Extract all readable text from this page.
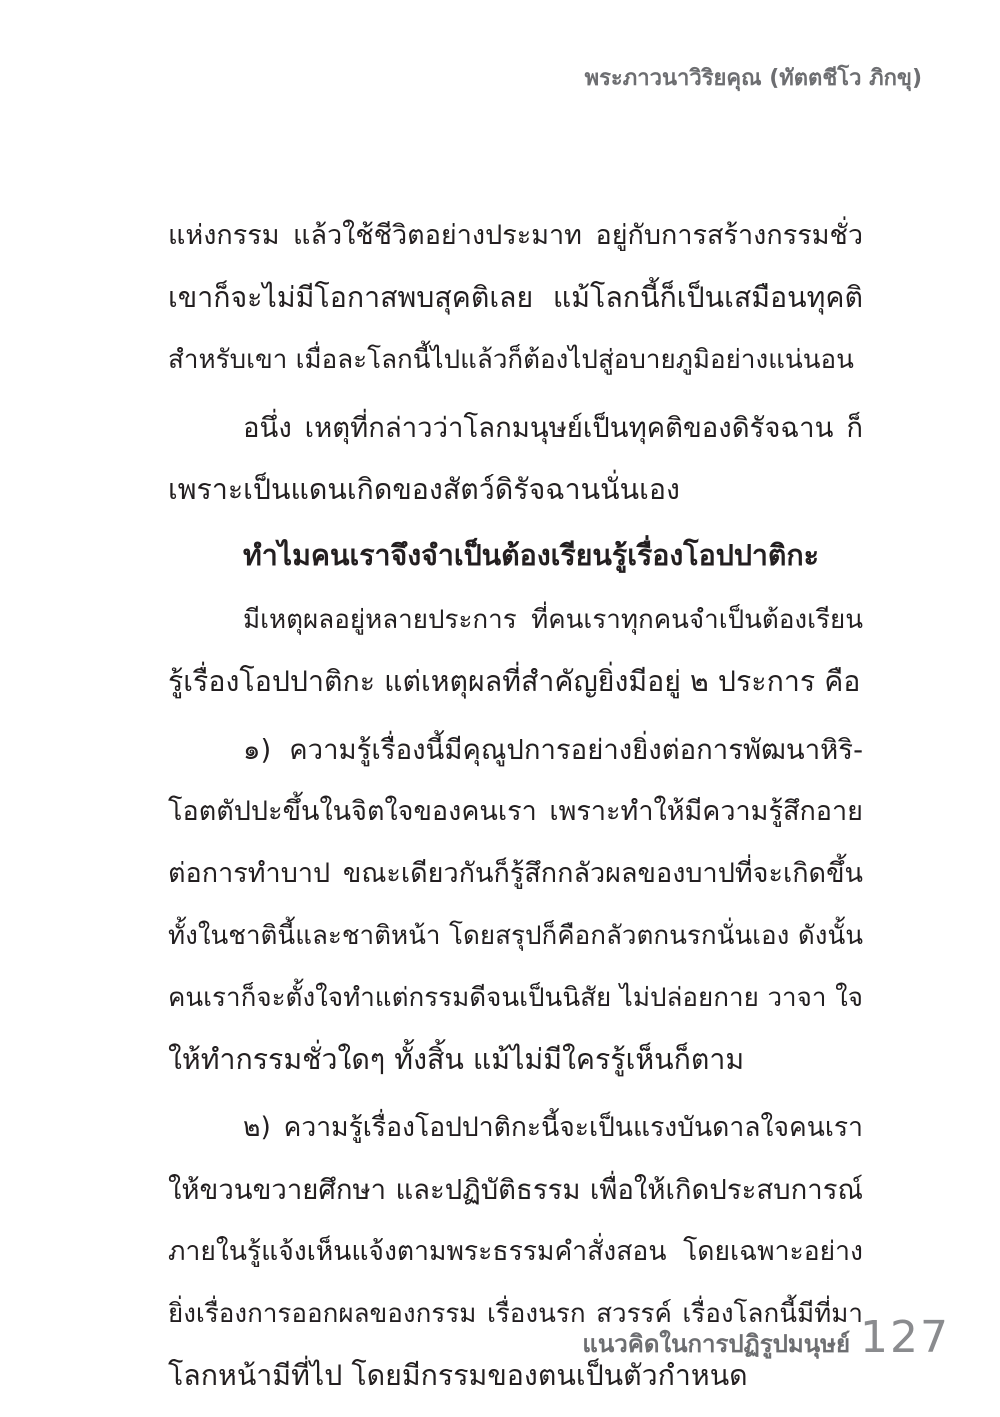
พระภาวนาวิริยคุณ (ทัตตชีโว ภิกขุ)
แห่งกรรม แล้วใช้ชีวิตอย่างประมาท อยู่กับการสร้างกรรมชั่ว
เขาก็จะไม่มีโอกาสพบสุคติเลย แม้โลกนี้ก็เป็นเสมือนทุคติ
สำหรับเขา เมื่อละโลกนี้ไปแล้วก็ต้องไปสู่อบายภูมิอย่างแน่นอน
อนึ่ง เหตุที่กล่าวว่าโลกมนุษย์เป็นทุคติของดิรัจฉาน ก็
เพราะเป็นแดนเกิดของสัตว์ดิรัจฉานนั่นเอง
ทำไมคนเราจึงจำเป็นต้องเรียนรู้เรื่องโอปปาติกะ
มีเหตุผลอยู่หลายประการ ที่คนเราทุกคนจำเป็นต้องเรียน
รู้เรื่องโอปปาติกะ แต่เหตุผลที่สำคัญยิ่งมีอยู่ ๒ ประการ คือ
๑) ความรู้เรื่องนี้มีคุณูปการอย่างยิ่งต่อการพัฒนาหิริ-
โอตตัปปะขึ้นในจิตใจของคนเรา เพราะทำให้มีความรู้สึกอาย
ต่อการทำบาป ขณะเดียวกันก็รู้สึกกลัวผลของบาปที่จะเกิดขึ้น
ทั้งในชาตินี้และชาติหน้า โดยสรุปก็คือกลัวตกนรกนั่นเอง ดังนั้น
คนเราก็จะตั้งใจทำแต่กรรมดีจนเป็นนิสัย ไม่ปล่อยกาย วาจา ใจ
ให้ทำกรรมชั่วใดๆ ทั้งสิ้น แม้ไม่มีใครรู้เห็นก็ตาม
๒) ความรู้เรื่องโอปปาติกะนี้จะเป็นแรงบันดาลใจคนเรา
ให้ขวนขวายศึกษา และปฏิบัติธรรม เพื่อให้เกิดประสบการณ์
ภายในรู้แจ้งเห็นแจ้งตามพระธรรมคำสั่งสอน โดยเฉพาะอย่าง
ยิ่งเรื่องการออกผลของกรรม เรื่องนรก สวรรค์ เรื่องโลกนี้มีที่มา
โลกหน้ามีที่ไป โดยมีกรรมของตนเป็นตัวกำหนด
แนวคิดในการปฏิรูปมนุษย์ 127
